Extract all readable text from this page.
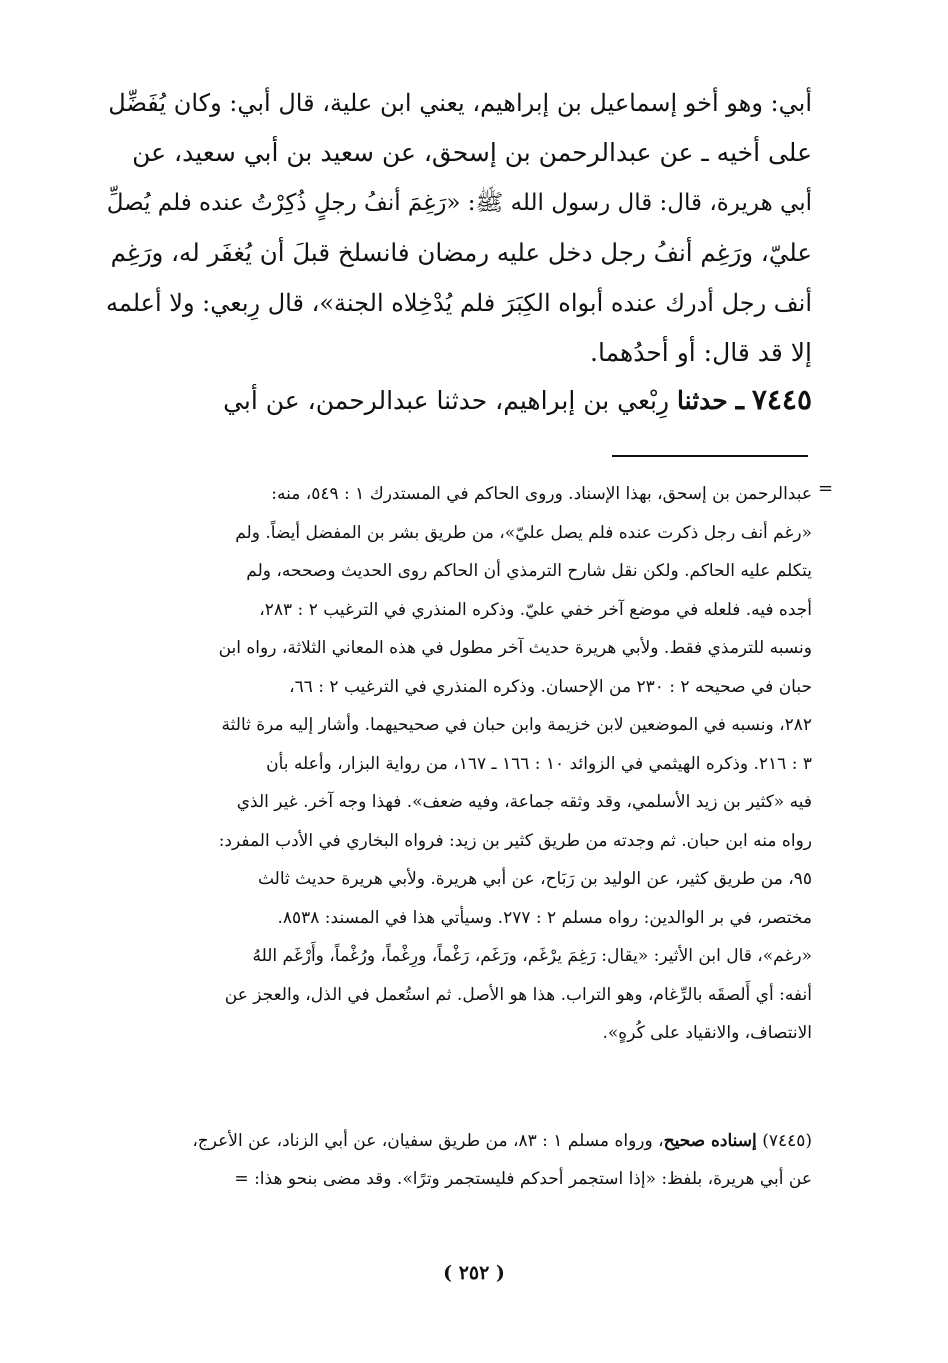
أبي: وهو أخو إسماعيل بن إبراهيم، يعني ابن علية، قال أبي: وكان يُفَضِّل
على أخيه ـ عن عبدالرحمن بن إسحق، عن سعيد بن أبي سعيد، عن
أبي هريرة، قال: قال رسول الله ﷺ: «رَغِمَ أنفُ رجلٍ ذُكِرْتُ عنده فلم يُصلِّ
عليّ، ورَغِم أنفُ رجل دخل عليه رمضان فانسلخ قبلَ أن يُغفَر له، ورَغِم
أنف رجل أدرك عنده أبواه الكِبَرَ فلم يُدْخِلاه الجنة»، قال رِبعي: ولا أعلمه
إلا قد قال: أو أحدُهما.
٧٤٤٥ ـ حدثنا رِبْعي بن إبراهيم، حدثنا عبدالرحمن، عن أبي
=
عبدالرحمن بن إسحق، بهذا الإسناد. وروى الحاكم في المستدرك ١ : ٥٤٩، منه:
«رغم أنف رجل ذكرت عنده فلم يصل عليّ»، من طريق بشر بن المفضل أيضاً. ولم
يتكلم عليه الحاكم. ولكن نقل شارح الترمذي أن الحاكم روى الحديث وصححه، ولم
أجده فيه. فلعله في موضع آخر خفي عليّ. وذكره المنذري في الترغيب ٢ : ٢٨٣،
ونسبه للترمذي فقط. ولأبي هريرة حديث آخر مطول في هذه المعاني الثلاثة، رواه ابن
حبان في صحيحه ٢ : ٢٣٠ من الإحسان. وذكره المنذري في الترغيب ٢ : ٦٦،
٢٨٢، ونسبه في الموضعين لابن خزيمة وابن حبان في صحيحيهما. وأشار إليه مرة ثالثة
٣ : ٢١٦. وذكره الهيثمي في الزوائد ١٠ : ١٦٦ ـ ١٦٧، من رواية البزار، وأعله بأن
فيه «كثير بن زيد الأسلمي، وقد وثقه جماعة، وفيه ضعف». فهذا وجه آخر. غير الذي
رواه منه ابن حبان. ثم وجدته من طريق كثير بن زيد: فرواه البخاري في الأدب المفرد:
٩٥، من طريق كثير، عن الوليد بن رَبَاح، عن أبي هريرة. ولأبي هريرة حديث ثالث
مختصر، في بر الوالدين: رواه مسلم ٢ : ٢٧٧. وسيأتي هذا في المسند: ٨٥٣٨.
«رغم»، قال ابن الأثير: «يقال: رَغِمَ يرْغَم، ورَغَم، رَغْماً، ورِغْماً، ورُغْماً، وأَرْغَم اللهُ
أنفه: أي أَلصقَه بالرِّغام، وهو التراب. هذا هو الأصل. ثم استُعمل في الذل، والعجز عن
الانتصاف، والانقياد على كُرهٍ».
(٧٤٤٥) إسناده صحيح، ورواه مسلم ١ : ٨٣، من طريق سفيان، عن أبي الزناد، عن الأعرج،
عن أبي هريرة، بلفظ: «إذا استجمر أحدكم فليستجمر وترًا». وقد مضى بنحو هذا: =
( ٢٥٢ )
